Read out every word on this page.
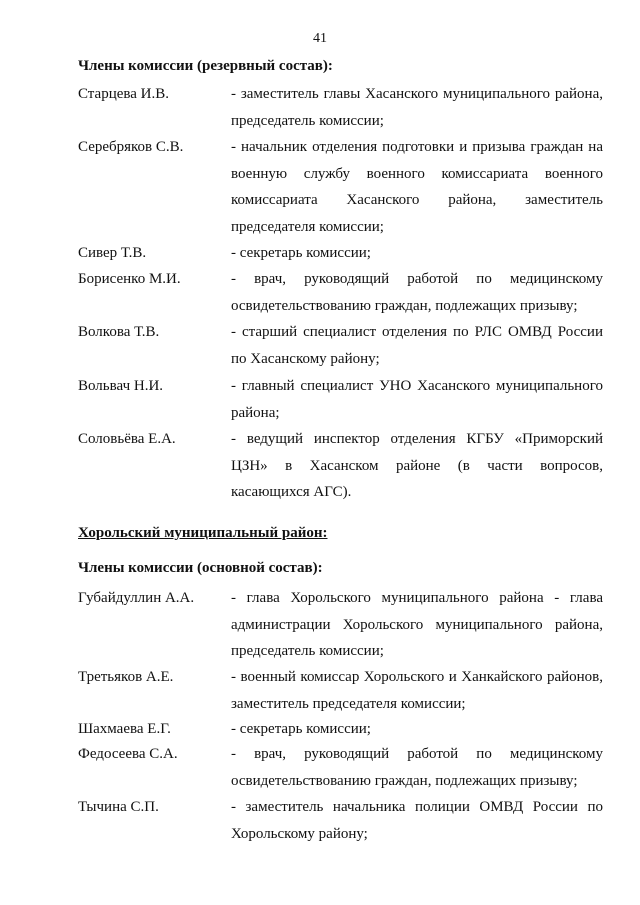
41
Члены комиссии (резервный состав):
Старцева И.В.	- заместитель главы Хасанского муниципального района, председатель комиссии;
Серебряков С.В.	- начальник отделения подготовки и призыва граждан на военную службу военного комиссариата военного комиссариата Хасанского района, заместитель председателя комиссии;
Сивер Т.В.	- секретарь комиссии;
Борисенко М.И.	- врач, руководящий работой по медицинскому освидетельствованию граждан, подлежащих призыву;
Волкова Т.В.	- старший специалист отделения по РЛС ОМВД России по Хасанскому району;
Вольвач Н.И.	- главный специалист УНО Хасанского муниципального района;
Соловьёва Е.А.	- ведущий инспектор отделения КГБУ «Приморский ЦЗН» в Хасанском районе (в части вопросов, касающихся АГС).
Хорольский муниципальный район:
Члены комиссии (основной состав):
Губайдуллин А.А. - глава Хорольского муниципального района - глава администрации Хорольского муниципального района, председатель комиссии;
Третьяков А.Е.	- военный комиссар Хорольского и Ханкайского районов, заместитель председателя комиссии;
Шахмаева Е.Г.	- секретарь комиссии;
Федосеева С.А.	- врач, руководящий работой по медицинскому освидетельствованию граждан, подлежащих призыву;
Тычина С.П.	- заместитель начальника полиции ОМВД России по Хорольскому району;
